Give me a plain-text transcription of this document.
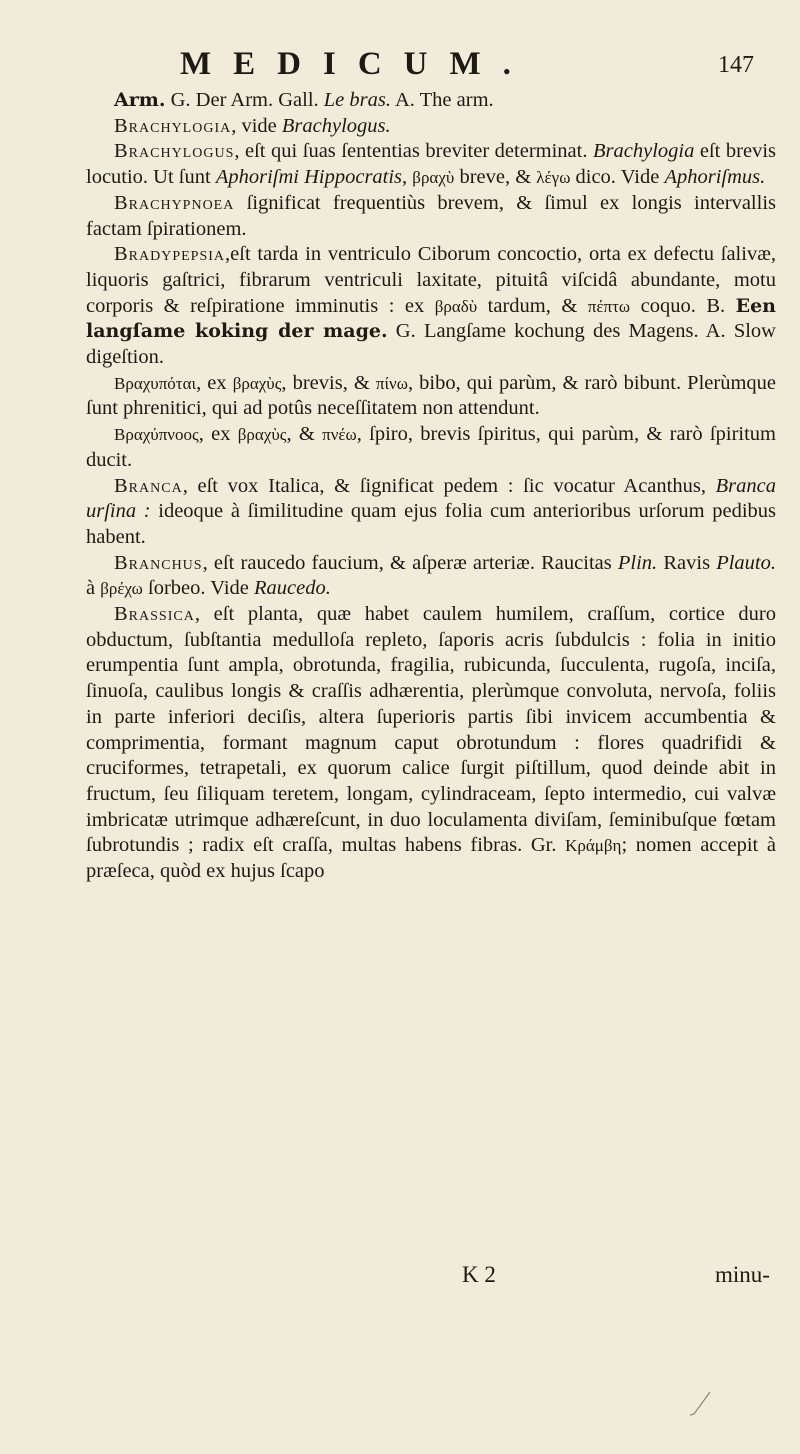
MEDICUM.	147

Arm. G. Der Arm. Gall. Le bras. A. The arm.

Brachylogia, vide Brachylogus.

Brachylogus, eſt qui ſuas ſententias breviter determinat. Brachylogia eſt brevis locutio. Ut ſunt Aphoriſmi Hippocratis, βραχὺ breve, & λέγω dico. Vide Aphoriſmus.

Brachypnoea ſignificat frequentiùs brevem, & ſimul ex longis intervallis factam ſpirationem.

Bradypepsia,eſt tarda in ventriculo Ciborum concoctio, orta ex defectu ſalivæ, liquoris gaſtrici, fibrarum ventriculi laxitate, pituitâ viſcidâ abundante, motu corporis & reſpiratione imminutis : ex βραδὺ tardum, & πέπτω coquo. B. Een langſame koking der mage. G. Langſame kochung des Magens. A. Slow digeſtion.

Βραχυπόται, ex βραχὺς, brevis, & πίνω, bibo, qui parùm, & rarò bibunt. Plerùmque ſunt phrenitici, qui ad potûs neceſſitatem non attendunt.

Βραχύπνοος, ex βραχὺς, & πνέω, ſpiro, brevis ſpiritus, qui parùm, & rarò ſpiritum ducit.

Branca, eſt vox Italica, & ſignificat pedem : ſic vocatur Acanthus, Branca urſina : ideoque à ſimilitudine quam ejus folia cum anterioribus urſorum pedibus habent.

Branchus, eſt raucedo faucium, & aſperæ arteriæ. Raucitas Plin. Ravis Plauto. à βρέχω ſorbeo. Vide Raucedo.

Brassica, eſt planta, quæ habet caulem humilem, craſſum, cortice duro obductum, ſubſtantia medulloſa repleto, ſaporis acris ſubdulcis : folia in initio erumpentia ſunt ampla, obrotunda, fragilia, rubicunda, ſucculenta, rugoſa, inciſa, ſinuoſa, caulibus longis & craſſis adhærentia, plerùmque convoluta, nervoſa, foliis in parte inferiori deciſis, altera ſuperioris partis ſibi invicem accumbentia & comprimentia, formant magnum caput obrotundum : flores quadrifidi & cruciformes, tetrapetali, ex quorum calice ſurgit piſtillum, quod deinde abit in fructum, ſeu ſiliquam teretem, longam, cylindraceam, ſepto intermedio, cui valvæ imbricatæ utrimque adhæreſcunt, in duo loculamenta diviſam, ſeminibuſque fœtam ſubrotundis ; radix eſt craſſa, multas habens fibras. Gr. Κράμβη; nomen accepit à præſeca, quòd ex hujus ſcapo

K 2	minu-
